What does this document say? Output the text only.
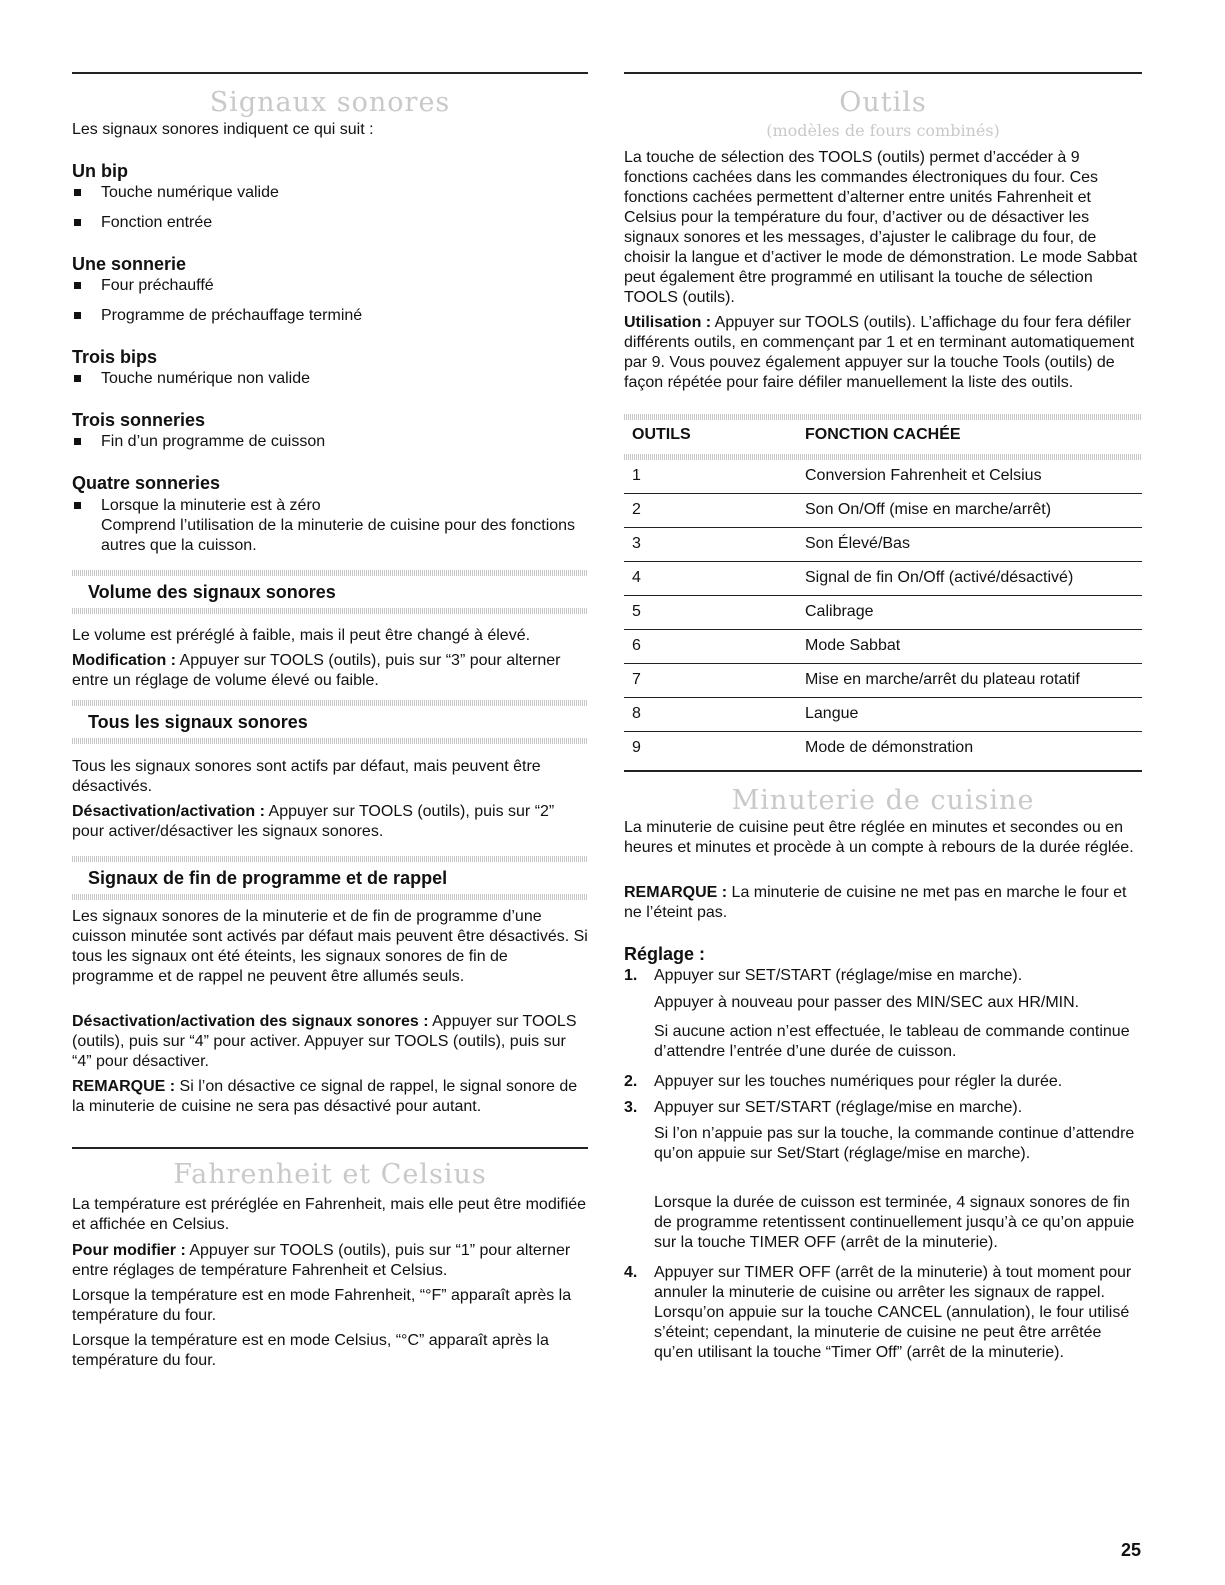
Signaux sonores

Les signaux sonores indiquent ce qui suit :

Un bip
Touche numérique valide
Fonction entrée
Une sonnerie
Four préchauffé
Programme de préchauffage terminé
Trois bips
Touche numérique non valide
Trois sonneries
Fin d’un programme de cuisson
Quatre sonneries
Lorsque la minuterie est à zéro
Comprend l’utilisation de la minuterie de cuisine pour des fonctions autres que la cuisson.
Volume des signaux sonores

Le volume est préréglé à faible, mais il peut être changé à élevé.

Modification : Appuyer sur TOOLS (outils), puis sur “3” pour alterner entre un réglage de volume élevé ou faible.

Tous les signaux sonores

Tous les signaux sonores sont actifs par défaut, mais peuvent être désactivés.

Désactivation/activation : Appuyer sur TOOLS (outils), puis sur “2” pour activer/désactiver les signaux sonores.

Signaux de fin de programme et de rappel

Les signaux sonores de la minuterie et de fin de programme d’une cuisson minutée sont activés par défaut mais peuvent être désactivés. Si tous les signaux ont été éteints, les signaux sonores de fin de programme et de rappel ne peuvent être allumés seuls.

Désactivation/activation des signaux sonores : Appuyer sur TOOLS (outils), puis sur “4” pour activer. Appuyer sur TOOLS (outils), puis sur “4” pour désactiver.

REMARQUE : Si l’on désactive ce signal de rappel, le signal sonore de la minuterie de cuisine ne sera pas désactivé pour autant.

Fahrenheit et Celsius

La température est préréglée en Fahrenheit, mais elle peut être modifiée et affichée en Celsius.

Pour modifier : Appuyer sur TOOLS (outils), puis sur “1” pour alterner entre réglages de température Fahrenheit et Celsius.

Lorsque la température est en mode Fahrenheit, “°F” apparaît après la température du four.

Lorsque la température est en mode Celsius, “°C” apparaît après la température du four.

Outils
(modèles de fours combinés)

La touche de sélection des TOOLS (outils) permet d’accéder à 9 fonctions cachées dans les commandes électroniques du four. Ces fonctions cachées permettent d’alterner entre unités Fahrenheit et Celsius pour la température du four, d’activer ou de désactiver les signaux sonores et les messages, d’ajuster le calibrage du four, de choisir la langue et d’activer le mode de démonstration. Le mode Sabbat peut également être programmé en utilisant la touche de sélection TOOLS (outils).

Utilisation : Appuyer sur TOOLS (outils). L’affichage du four fera défiler différents outils, en commençant par 1 et en terminant automatiquement par 9. Vous pouvez également appuyer sur la touche Tools (outils) de façon répétée pour faire défiler manuellement la liste des outils.

OUTILS	FONCTION CACHÉE
1	Conversion Fahrenheit et Celsius
2	Son On/Off (mise en marche/arrêt)
3	Son Élevé/Bas
4	Signal de fin On/Off (activé/désactivé)
5	Calibrage
6	Mode Sabbat
7	Mise en marche/arrêt du plateau rotatif
8	Langue
9	Mode de démonstration
Minuterie de cuisine

La minuterie de cuisine peut être réglée en minutes et secondes ou en heures et minutes et procède à un compte à rebours de la durée réglée.

REMARQUE : La minuterie de cuisine ne met pas en marche le four et ne l’éteint pas.

Réglage :
1. Appuyer sur SET/START (réglage/mise en marche).
Appuyer à nouveau pour passer des MIN/SEC aux HR/MIN.
Si aucune action n’est effectuée, le tableau de commande continue d’attendre l’entrée d’une durée de cuisson.
2. Appuyer sur les touches numériques pour régler la durée.
3. Appuyer sur SET/START (réglage/mise en marche).
Si l’on n’appuie pas sur la touche, la commande continue d’attendre qu’on appuie sur Set/Start (réglage/mise en marche).
Lorsque la durée de cuisson est terminée, 4 signaux sonores de fin de programme retentissent continuellement jusqu’à ce qu’on appuie sur la touche TIMER OFF (arrêt de la minuterie).
4. Appuyer sur TIMER OFF (arrêt de la minuterie) à tout moment pour annuler la minuterie de cuisine ou arrêter les signaux de rappel. Lorsqu’on appuie sur la touche CANCEL (annulation), le four utilisé s’éteint; cependant, la minuterie de cuisine ne peut être arrêtée qu’en utilisant la touche “Timer Off” (arrêt de la minuterie).
25
